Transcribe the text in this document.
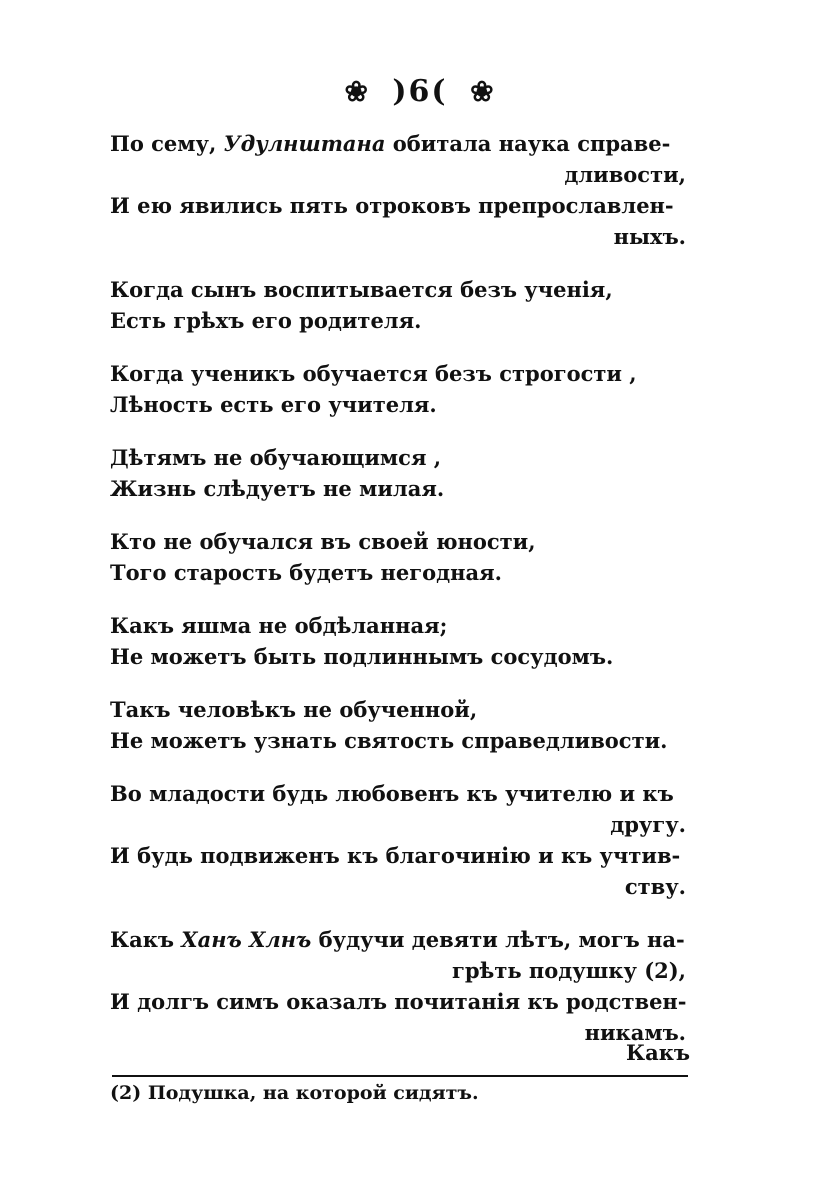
❀ )6( ❀
По сему, Удулнштана обитала наука справе-
дливости,
И ею явились пять отроковъ препрославлен-
ныхъ.
Когда сынъ воспитывается безъ ученія,
Есть грѣхъ его родителя.
Когда ученикъ обучается безъ строгости ,
Лѣность есть его учителя.
Дѣтямъ не обучающимся ,
Жизнь слѣдуетъ не милая.
Кто не обучался въ своей юности,
Того старость будетъ негодная.
Какъ яшма не обдѣланная;
Не можетъ быть подлиннымъ сосудомъ.
Такъ человѣкъ не обученной,
Не можетъ узнать святость справедливости.
Во младости будь любовенъ къ учителю и къ
другу.
И будь подвиженъ къ благочинію и къ учтив-
ству.
Какъ Ханъ Хлнъ будучи девяти лѣтъ, могъ на-
грѣть подушку (2),
И долгъ симъ оказалъ почитанія къ родствен-
никамъ.
Какъ
(2) Подушка, на которой сидятъ.
